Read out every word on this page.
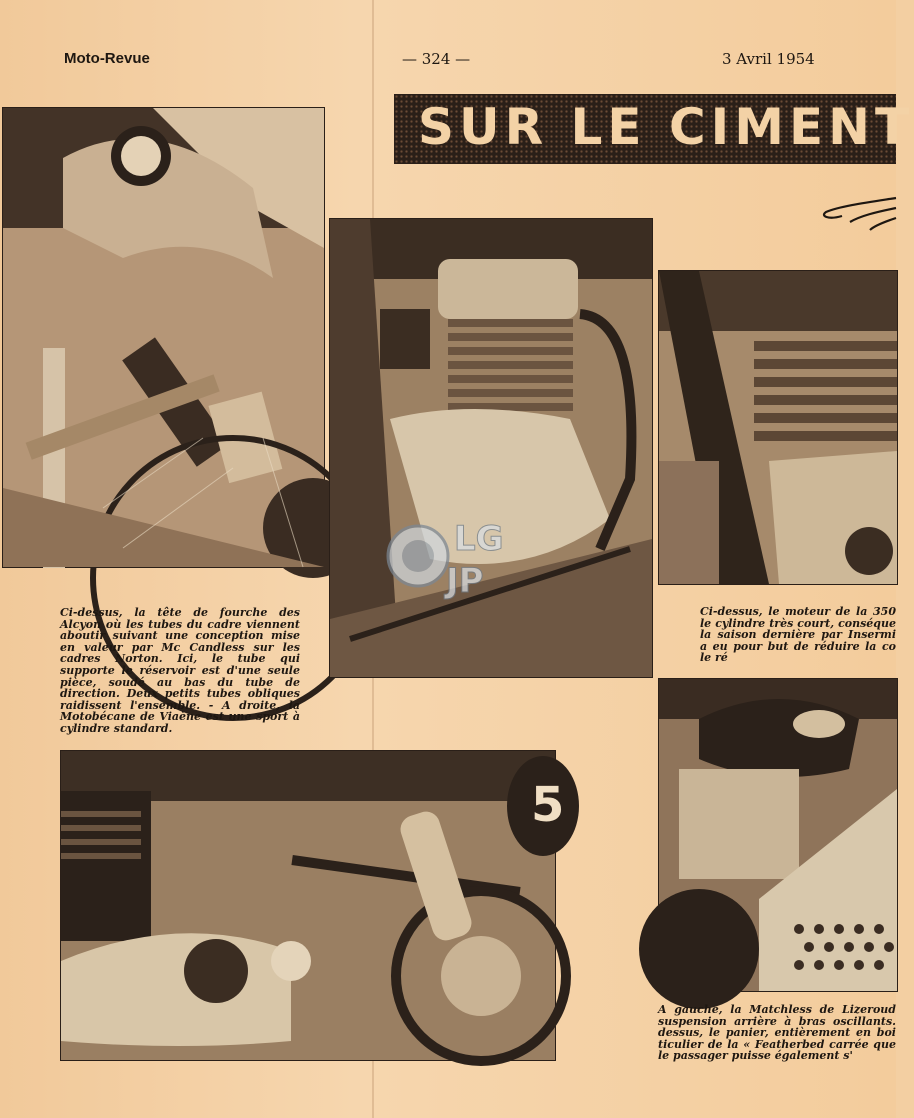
Moto-Revue	— 324 —	3 Avril 1954
SUR LE CIMENT
5
Ci-dessus, la tête de fourche des Alcyon où les tubes du cadre viennent aboutir suivant une conception mise en valeur par Mc Candless sur les cadres Norton. Ici, le tube qui supporte le réservoir est d'une seule pièce, soudé au bas du tube de direction. Deux petits tubes obliques raidissent l'ensemble. - A droite, la Motobécane de Viaène est une sport à cylindre standard.
Ci-dessus, le moteur de la 350 le cylindre très court, conséque la saison dernière par Insermi a eu pour but de réduire la co le ré
A gauche, la Matchless de Lizeroud suspension arrière à bras oscillants. dessus, le panier, entièrement en boi ticulier de la « Featherbed carrée que le passager puisse également s'
LG
JP
